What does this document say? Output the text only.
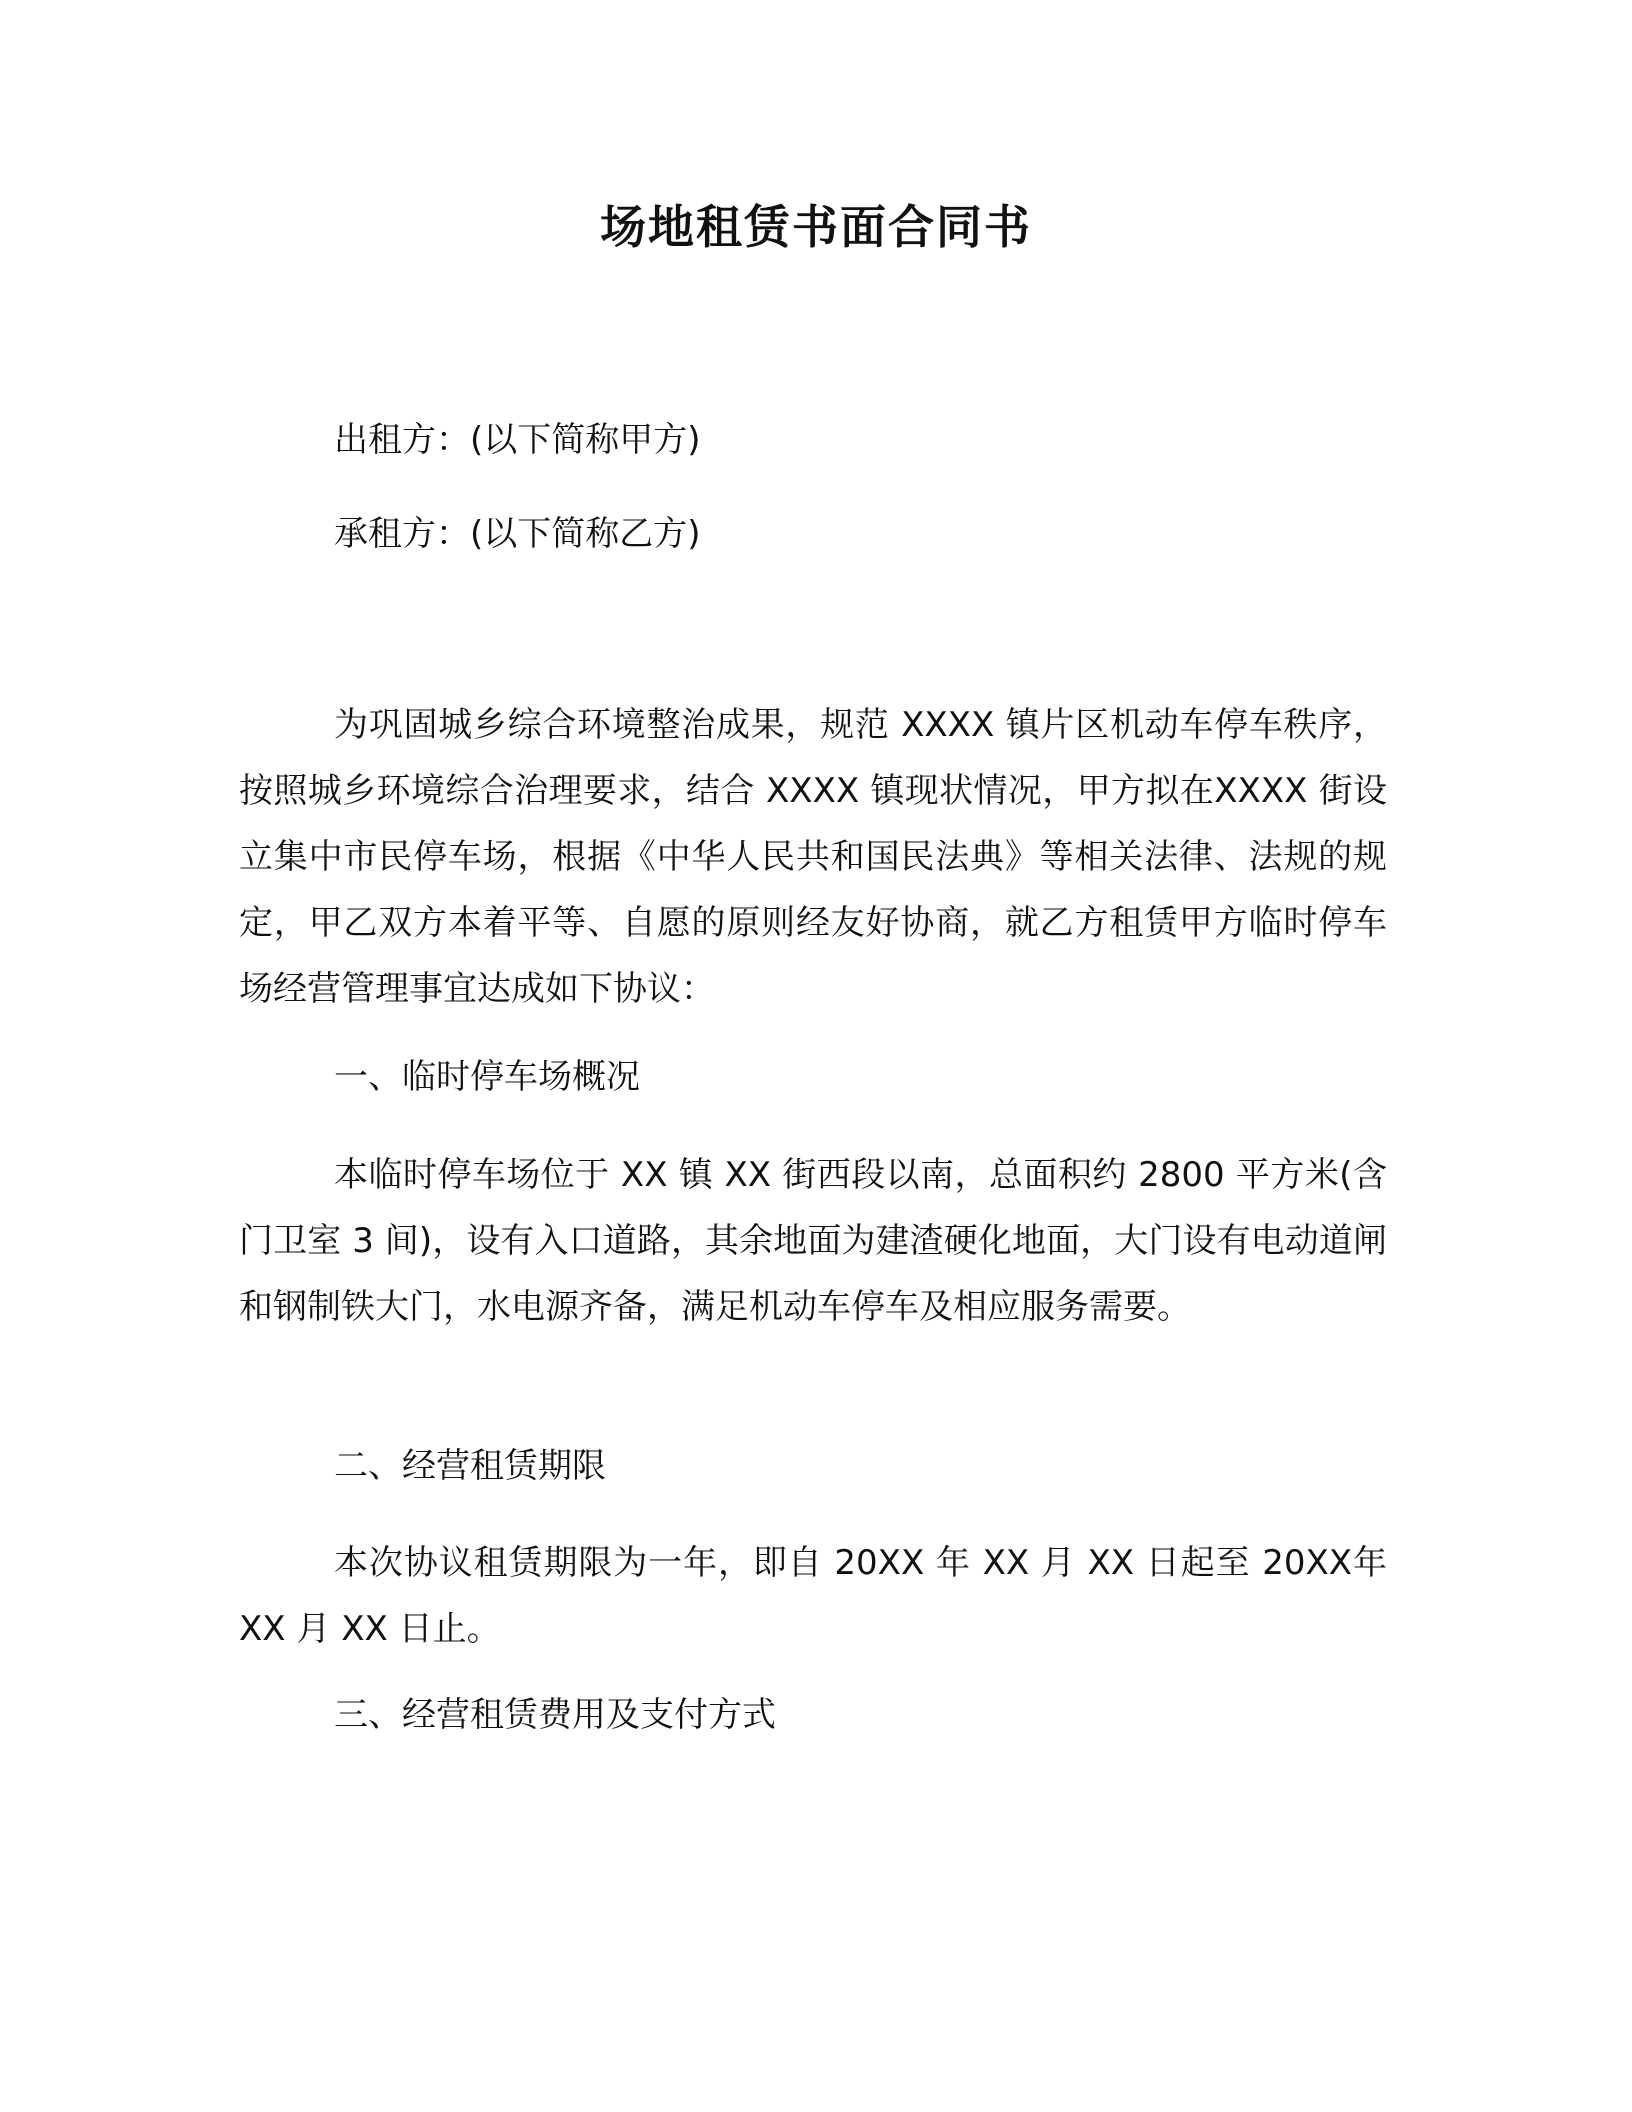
场地租赁书面合同书

出租方：(以下简称甲方)

承租方：(以下简称乙方)

为巩固城乡综合环境整治成果，规范 XXXX 镇片区机动车停车秩序，按照城乡环境综合治理要求，结合 XXXX 镇现状情况，甲方拟在XXXX 街设立集中市民停车场，根据《中华人民共和国民法典》等相关法律、法规的规定，甲乙双方本着平等、自愿的原则经友好协商，就乙方租赁甲方临时停车场经营管理事宜达成如下协议：

一、临时停车场概况

本临时停车场位于 XX 镇 XX 街西段以南，总面积约 2800 平方米(含门卫室 3 间)，设有入口道路，其余地面为建渣硬化地面，大门设有电动道闸和钢制铁大门，水电源齐备，满足机动车停车及相应服务需要。

二、经营租赁期限

本次协议租赁期限为一年，即自 20XX 年 XX 月 XX 日起至 20XX年 XX 月 XX 日止。

三、经营租赁费用及支付方式
